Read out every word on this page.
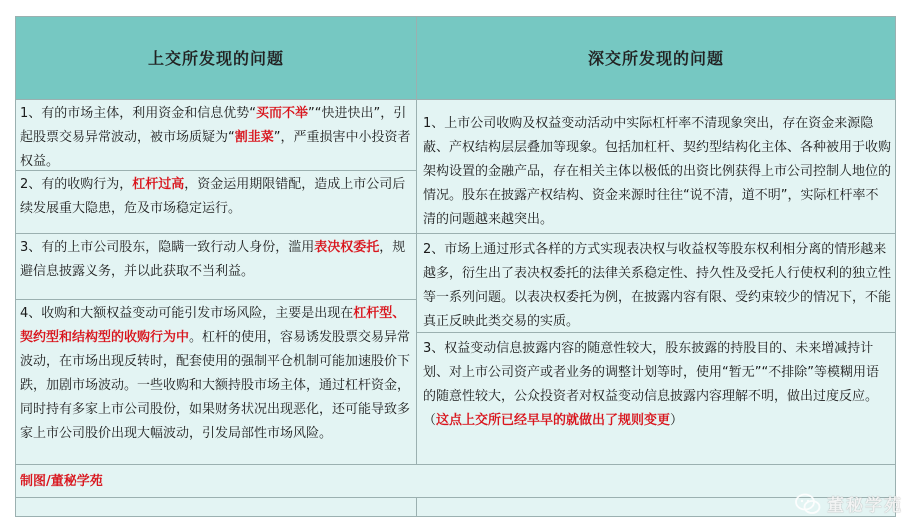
上交所发现的问题	深交所发现的问题
1、有的市场主体，利用资金和信息优势“买而不举”“快进快出”，引起股票交易异常波动，被市场质疑为“割韭菜”，严重损害中小投资者权益。
2、有的收购行为，杠杆过高，资金运用期限错配，造成上市公司后续发展重大隐患，危及市场稳定运行。
3、有的上市公司股东，隐瞒一致行动人身份，滥用表决权委托，规避信息披露义务，并以此获取不当利益。
4、收购和大额权益变动可能引发市场风险，主要是出现在杠杆型、契约型和结构型的收购行为中。杠杆的使用，容易诱发股票交易异常波动，在市场出现反转时，配套使用的强制平仓机制可能加速股价下跌，加剧市场波动。一些收购和大额持股市场主体，通过杠杆资金，同时持有多家上市公司股份，如果财务状况出现恶化，还可能导致多家上市公司股价出现大幅波动，引发局部性市场风险。
1、上市公司收购及权益变动活动中实际杠杆率不清现象突出，存在资金来源隐蔽、产权结构层层叠加等现象。包括加杠杆、契约型结构化主体、各种被用于收购架构设置的金融产品，存在相关主体以极低的出资比例获得上市公司控制人地位的情况。股东在披露产权结构、资金来源时往往“说不清，道不明”，实际杠杆率不清的问题越来越突出。
2、市场上通过形式各样的方式实现表决权与收益权等股东权利相分离的情形越来越多，衍生出了表决权委托的法律关系稳定性、持久性及受托人行使权利的独立性等一系列问题。以表决权委托为例，在披露内容有限、受约束较少的情况下，不能真正反映此类交易的实质。
3、权益变动信息披露内容的随意性较大，股东披露的持股目的、未来增减持计划、对上市公司资产或者业务的调整计划等时，使用“暂无”“不排除”等模糊用语的随意性较大，公众投资者对权益变动信息披露内容理解不明，做出过度反应。（这点上交所已经早早的就做出了规则变更）
制图/董秘学苑
董秘学苑
